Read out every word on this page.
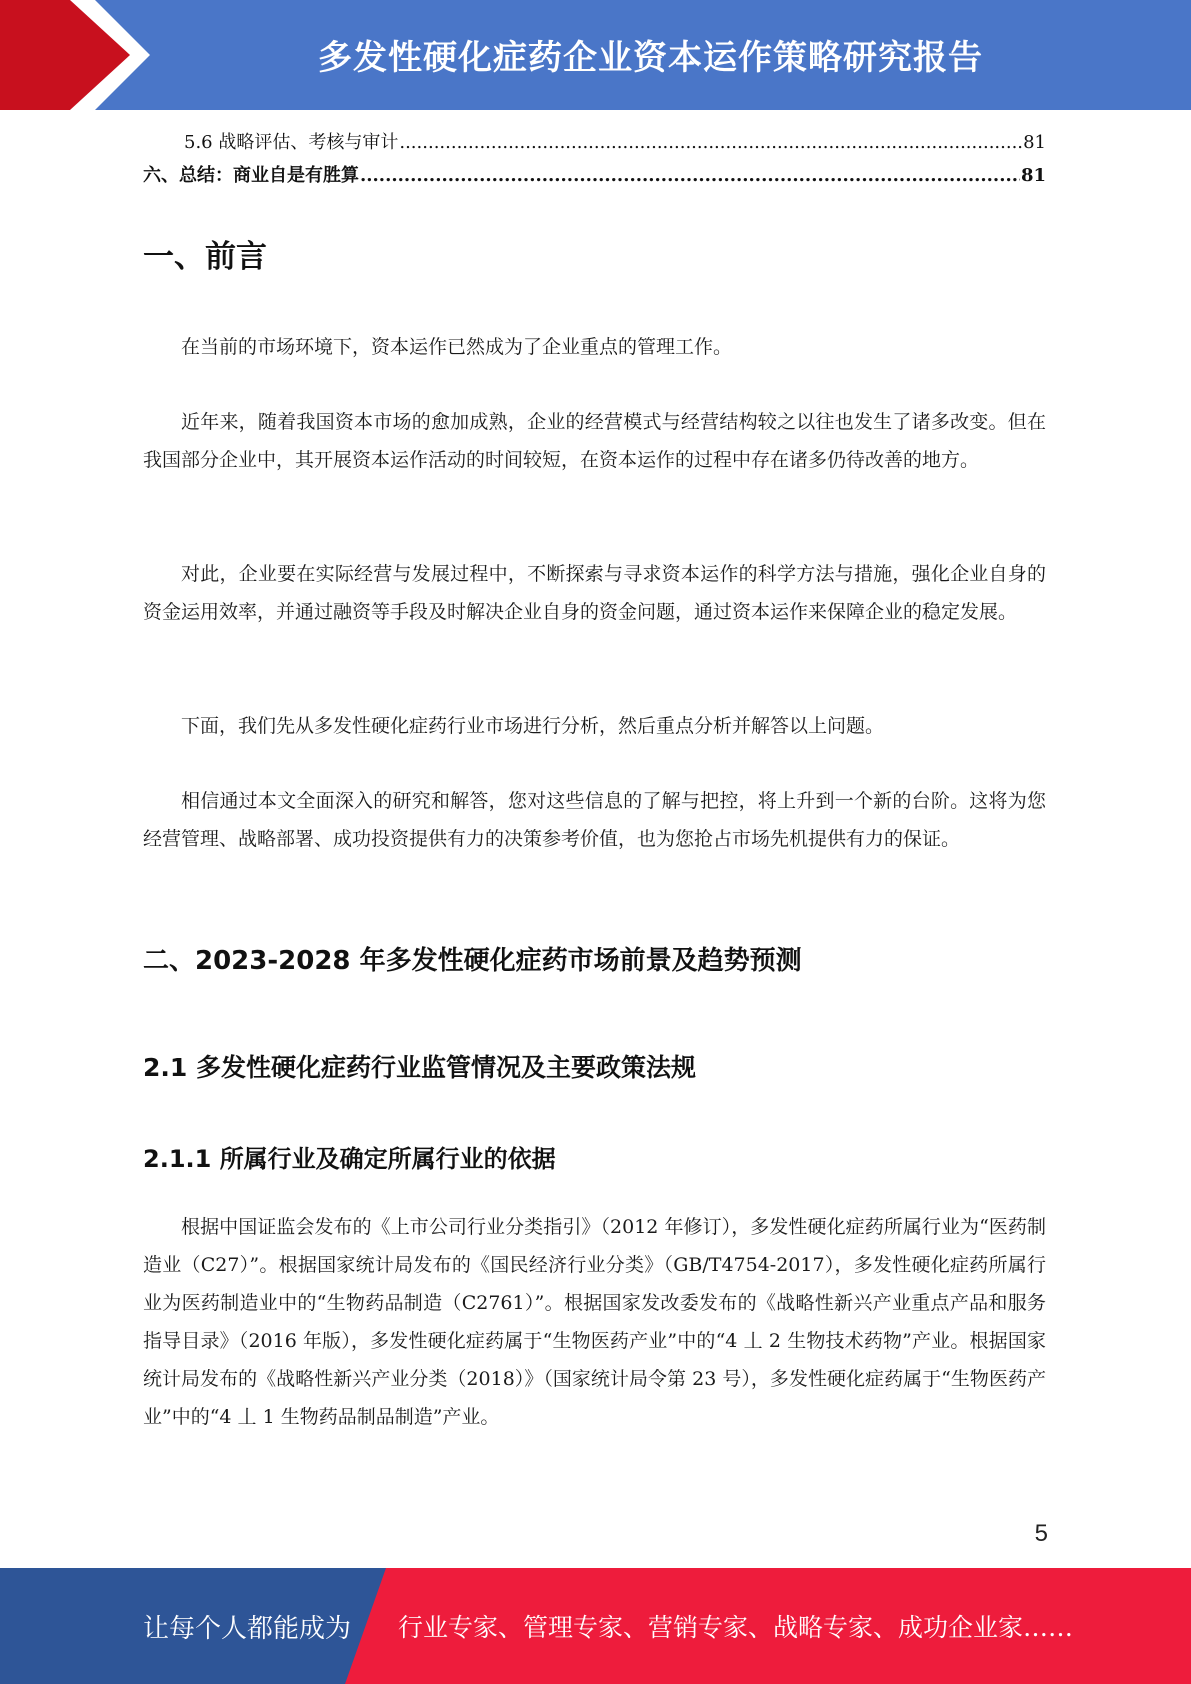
多发性硬化症药企业资本运作策略研究报告
5.6 战略评估、考核与审计 .....	81
六、总结：商业自是有胜算 .....	81
一、前言

在当前的市场环境下，资本运作已然成为了企业重点的管理工作。

近年来，随着我国资本市场的愈加成熟，企业的经营模式与经营结构较之以往也发生了诸多改变。但在我国部分企业中，其开展资本运作活动的时间较短，在资本运作的过程中存在诸多仍待改善的地方。

对此，企业要在实际经营与发展过程中，不断探索与寻求资本运作的科学方法与措施，强化企业自身的资金运用效率，并通过融资等手段及时解决企业自身的资金问题，通过资本运作来保障企业的稳定发展。

下面，我们先从多发性硬化症药行业市场进行分析，然后重点分析并解答以上问题。

相信通过本文全面深入的研究和解答，您对这些信息的了解与把控，将上升到一个新的台阶。这将为您经营管理、战略部署、成功投资提供有力的决策参考价值，也为您抢占市场先机提供有力的保证。

二、2023-2028 年多发性硬化症药市场前景及趋势预测
2.1 多发性硬化症药行业监管情况及主要政策法规
2.1.1 所属行业及确定所属行业的依据

根据中国证监会发布的《上市公司行业分类指引》（2012 年修订），多发性硬化症药所属行业为“医药制造业（C27）”。根据国家统计局发布的《国民经济行业分类》（GB/T4754-2017），多发性硬化症药所属行业为医药制造业中的“生物药品制造（C2761）”。根据国家发改委发布的《战略性新兴产业重点产品和服务指导目录》（2016 年版），多发性硬化症药属于“生物医药产业”中的“4 丄 2 生物技术药物”产业。根据国家统计局发布的《战略性新兴产业分类（2018）》（国家统计局令第 23 号），多发性硬化症药属于“生物医药产业”中的“4 丄 1 生物药品制品制造”产业。

5
让每个人都能成为 行业专家、管理专家、营销专家、战略专家、成功企业家……
